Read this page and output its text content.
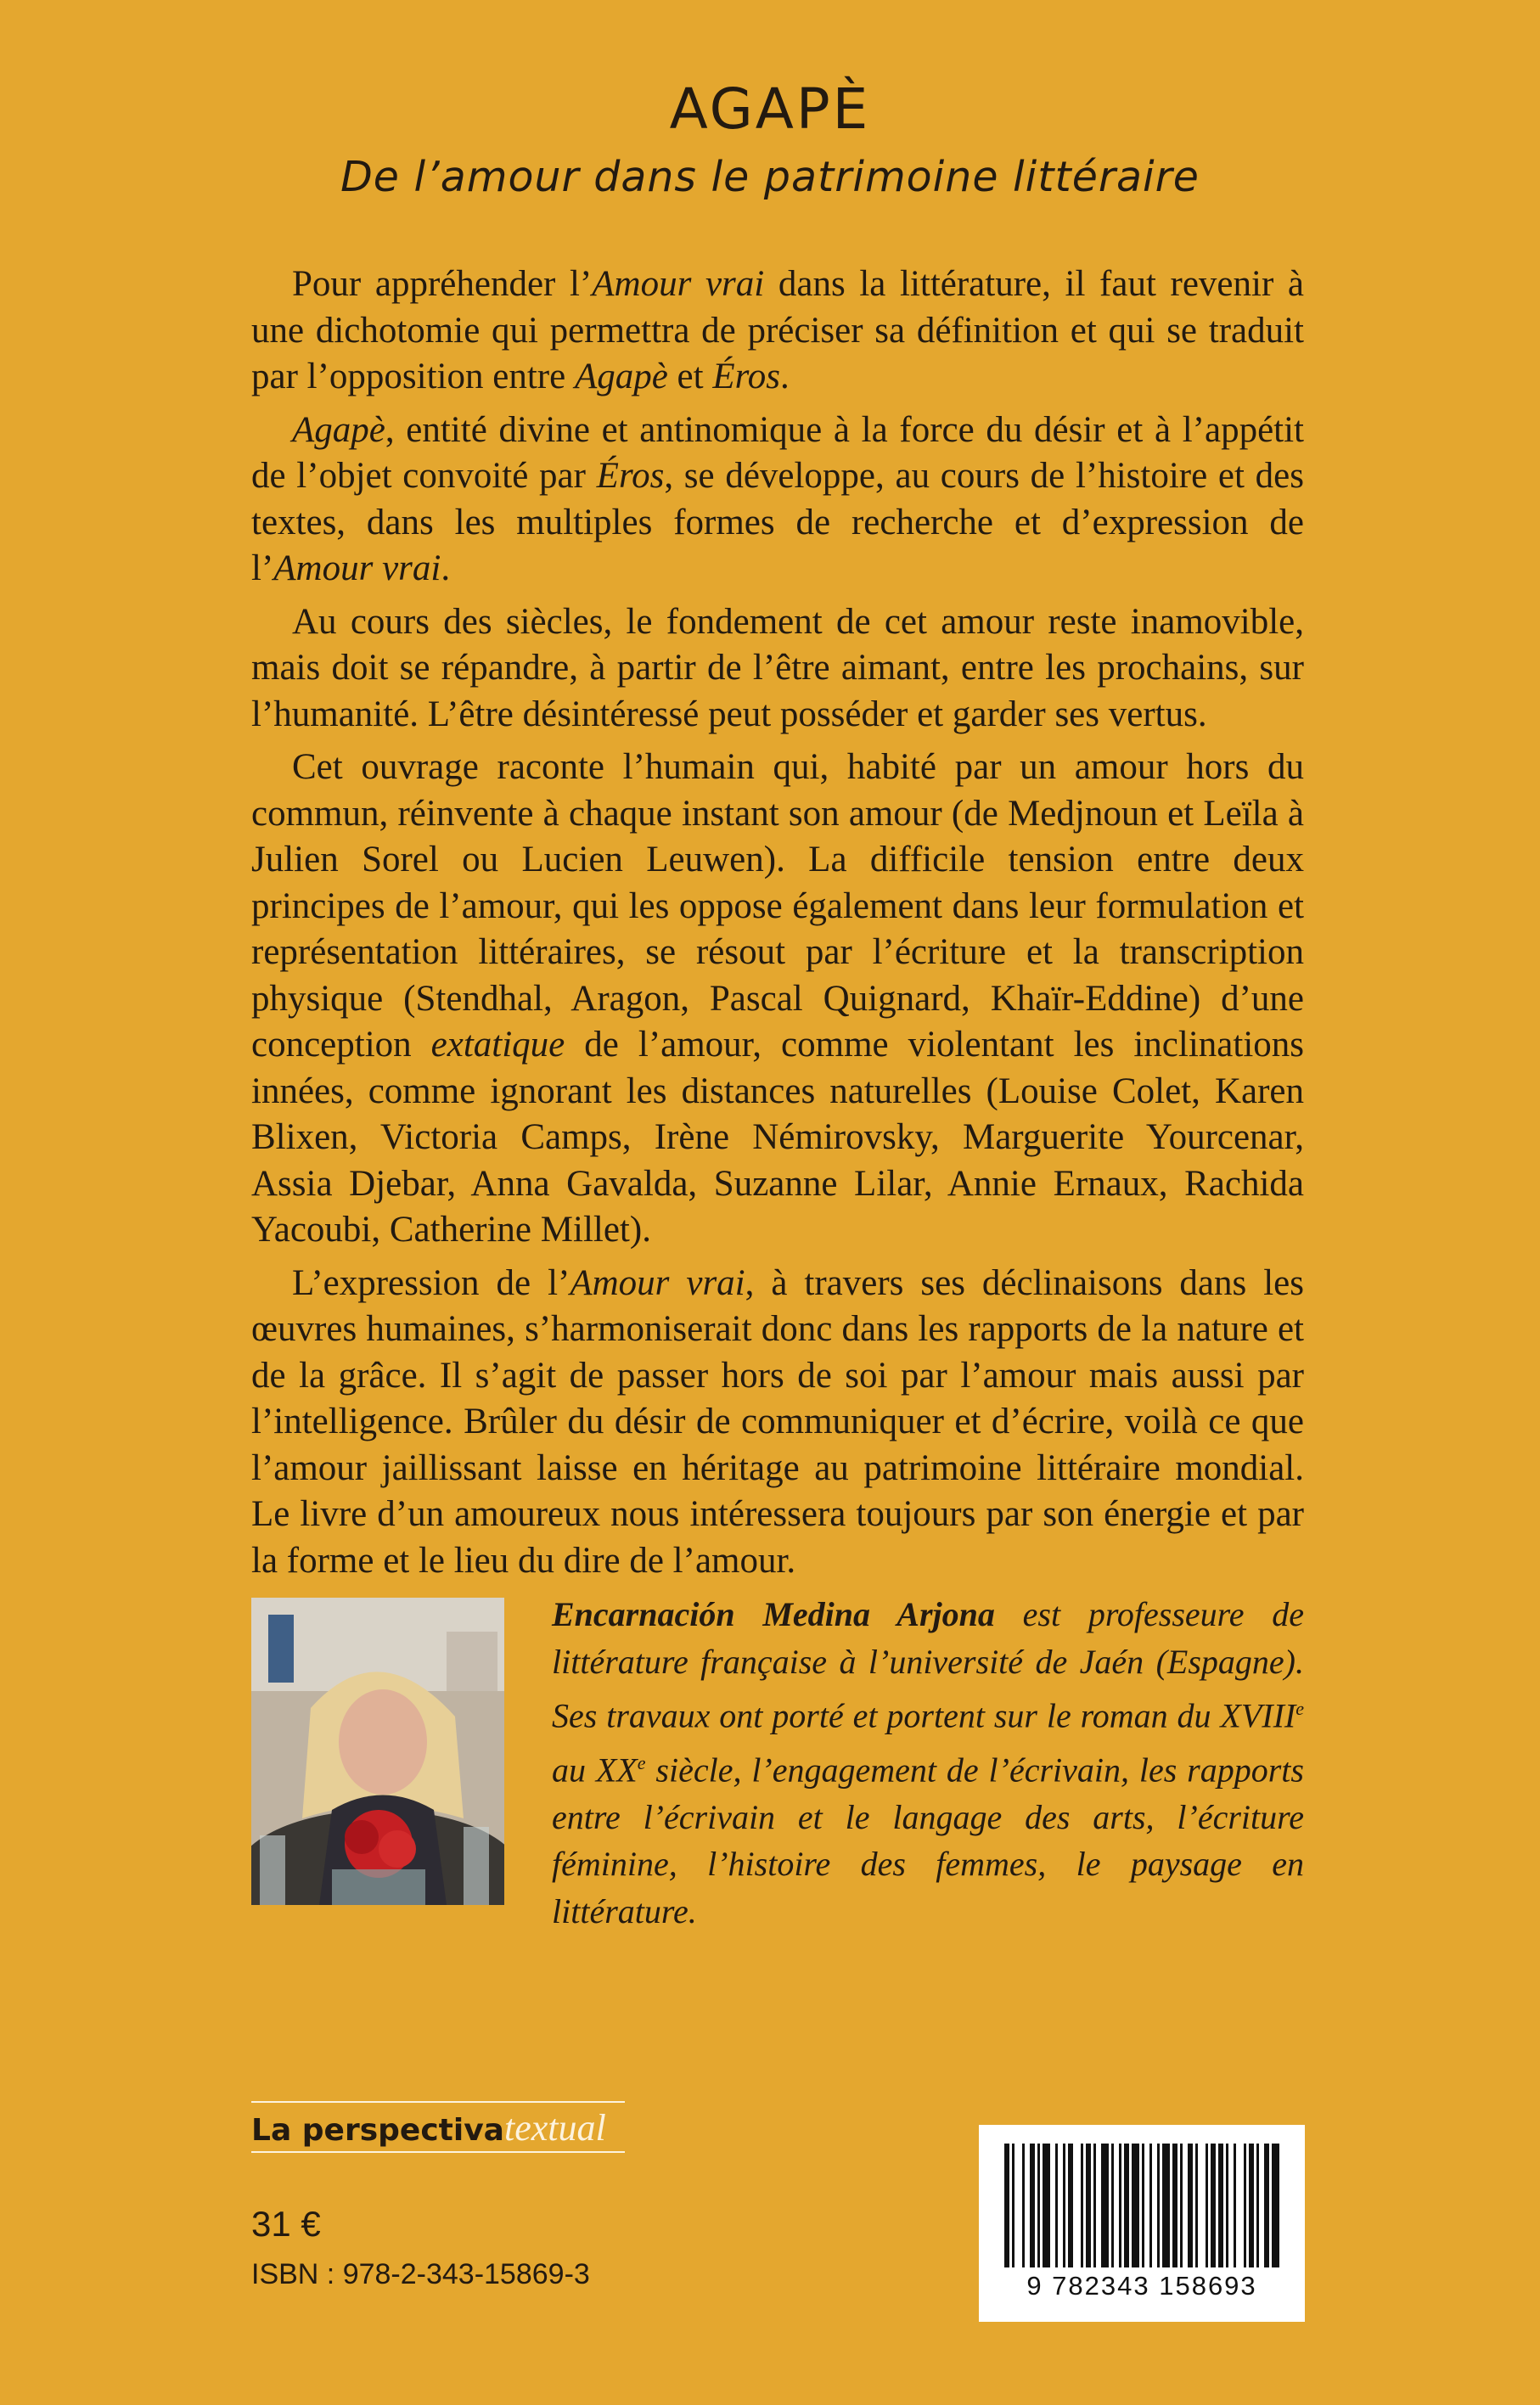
AGAPÈ
De l’amour dans le patrimoine littéraire

Pour appréhender l’Amour vrai dans la littérature, il faut revenir à une dichotomie qui permettra de préciser sa définition et qui se traduit par l’opposition entre Agapè et Éros.

Agapè, entité divine et antinomique à la force du désir et à l’appétit de l’objet convoité par Éros, se développe, au cours de l’histoire et des textes, dans les multiples formes de recherche et d’expression de l’Amour vrai.

Au cours des siècles, le fondement de cet amour reste inamovible, mais doit se répandre, à partir de l’être aimant, entre les prochains, sur l’humanité. L’être désintéressé peut posséder et garder ses vertus.

Cet ouvrage raconte l’humain qui, habité par un amour hors du commun, réinvente à chaque instant son amour (de Medjnoun et Leïla à Julien Sorel ou Lucien Leuwen). La difficile tension entre deux principes de l’amour, qui les oppose également dans leur formulation et représentation littéraires, se résout par l’écriture et la transcription physique (Stendhal, Aragon, Pascal Quignard, Khaïr-Eddine) d’une conception extatique de l’amour, comme violentant les inclinations innées, comme ignorant les distances naturelles (Louise Colet, Karen Blixen, Victoria Camps, Irène Némirovsky, Marguerite Yourcenar, Assia Djebar, Anna Gavalda, Suzanne Lilar, Annie Ernaux, Rachida Yacoubi, Catherine Millet).

L’expression de l’Amour vrai, à travers ses déclinaisons dans les œuvres humaines, s’harmoniserait donc dans les rapports de la nature et de la grâce. Il s’agit de passer hors de soi par l’amour mais aussi par l’intelligence. Brûler du désir de communiquer et d’écrire, voilà ce que l’amour jaillissant laisse en héritage au patrimoine littéraire mondial. Le livre d’un amoureux nous intéressera toujours par son énergie et par la forme et le lieu du dire de l’amour.

Encarnación Medina Arjona est professeure de littérature française à l’université de Jaén (Espagne). Ses travaux ont porté et portent sur le roman du XVIIIe au XXe siècle, l’engagement de l’écrivain, les rapports entre l’écrivain et le langage des arts, l’écriture féminine, l’histoire des femmes, le paysage en littérature.
La perspectivatextual
31 €
ISBN : 978-2-343-15869-3	9 782343 158693
